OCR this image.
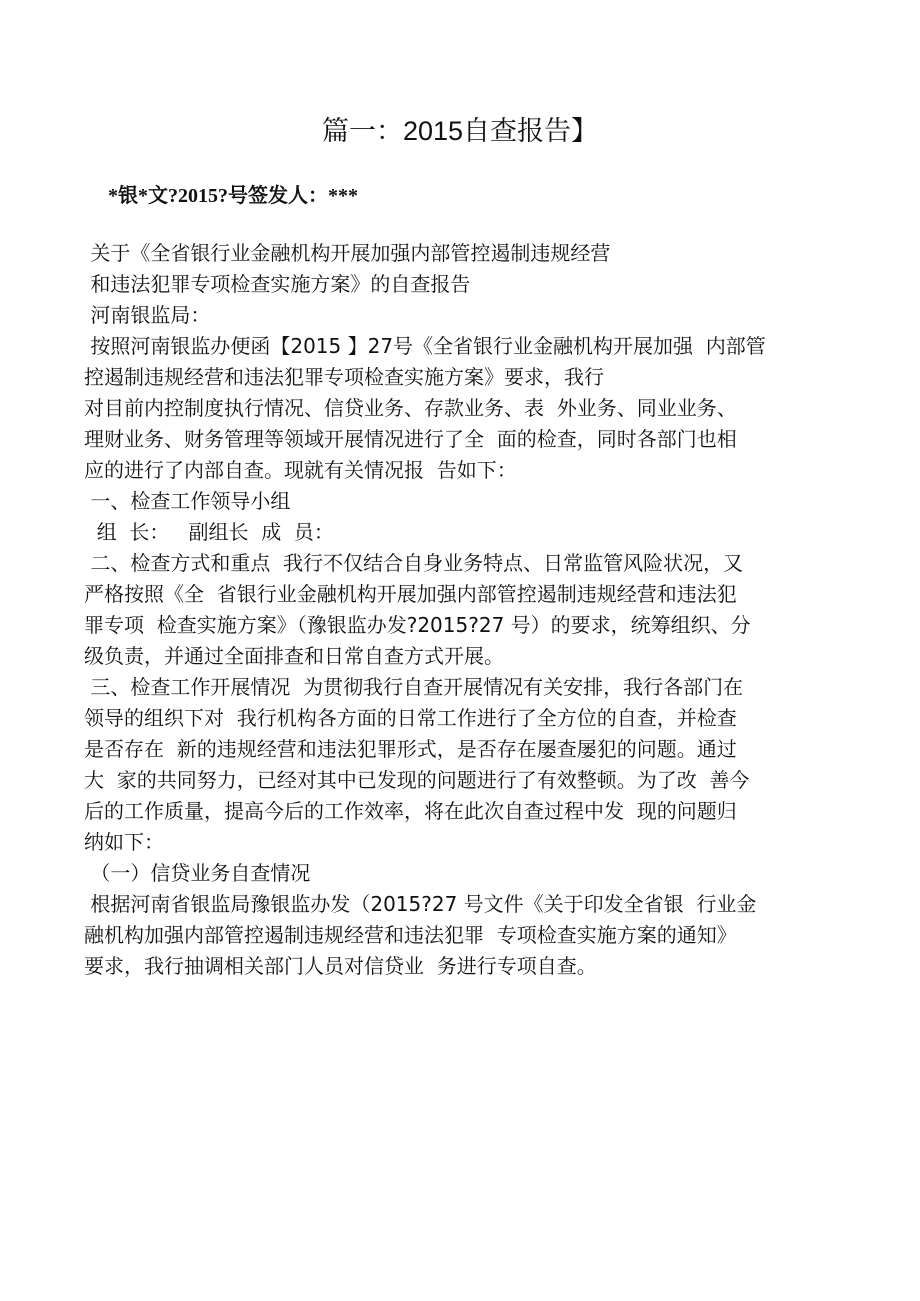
篇一：2015自查报告】
*银*文?2015?号签发人：***
关于《全省银行业金融机构开展加强内部管控遏制违规经营
和违法犯罪专项检查实施方案》的自查报告
河南银监局：
按照河南银监办便函【2015 】27号《全省银行业金融机构开展加强  内部管
控遏制违规经营和违法犯罪专项检查实施方案》要求，我行
对目前内控制度执行情况、信贷业务、存款业务、表  外业务、同业业务、
理财业务、财务管理等领域开展情况进行了全  面的检查，同时各部门也相
应的进行了内部自查。现就有关情况报  告如下：
一、检查工作领导小组
组  长：   副组长  成  员：
二、检查方式和重点  我行不仅结合自身业务特点、日常监管风险状况，又
严格按照《全  省银行业金融机构开展加强内部管控遏制违规经营和违法犯
罪专项  检查实施方案》（豫银监办发?2015?27 号）的要求，统筹组织、分
级负责，并通过全面排查和日常自查方式开展。
三、检查工作开展情况  为贯彻我行自查开展情况有关安排，我行各部门在
领导的组织下对  我行机构各方面的日常工作进行了全方位的自查，并检查
是否存在  新的违规经营和违法犯罪形式，是否存在屡查屡犯的问题。通过
大  家的共同努力，已经对其中已发现的问题进行了有效整顿。为了改  善今
后的工作质量，提高今后的工作效率，将在此次自查过程中发  现的问题归
纳如下：
（一）信贷业务自查情况
根据河南省银监局豫银监办发（2015?27 号文件《关于印发全省银  行业金
融机构加强内部管控遏制违规经营和违法犯罪  专项检查实施方案的通知》
要求，我行抽调相关部门人员对信贷业  务进行专项自查。
